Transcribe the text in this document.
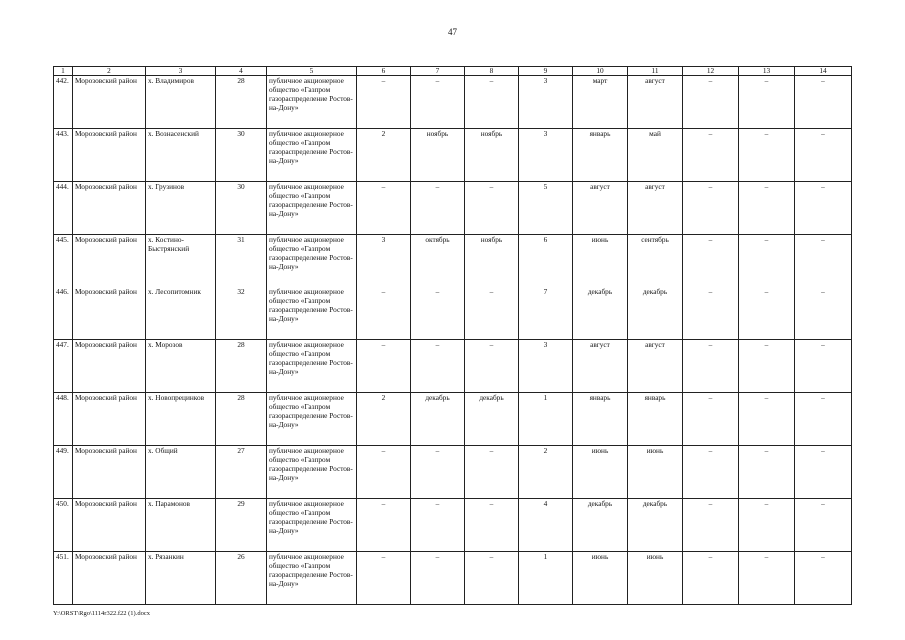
47
1	2	3	4	5	6	7	8	9	10	11	12	13	14
442.	Морозовский район	х. Владимиров	28	публичное акционерное общество «Газпром газораспределение Ростов-на-Дону»	–	–	–	3	март	август	–	–	–
443.	Морозовский район	х. Вознасенский	30	публичное акционерное общество «Газпром газораспределение Ростов-на-Дону»	2	ноябрь	ноябрь	3	январь	май	–	–	–
444.	Морозовский район	х. Грузинов	30	публичное акционерное общество «Газпром газораспределение Ростов-на-Дону»	–	–	–	5	август	август	–	–	–
445.	Морозовский район	х. Костино-Быстрянский	31	публичное акционерное общество «Газпром газораспределение Ростов-на-Дону»	3	октябрь	ноябрь	6	июнь	сентябрь	–	–	–
446.	Морозовский район	х. Лесопитомник	32	публичное акционерное общество «Газпром газораспределение Ростов-на-Дону»	–	–	–	7	декабрь	декабрь	–	–	–
447.	Морозовский район	х. Морозов	28	публичное акционерное общество «Газпром газораспределение Ростов-на-Дону»	–	–	–	3	август	август	–	–	–
448.	Морозовский район	х. Новопрецинков	28	публичное акционерное общество «Газпром газораспределение Ростов-на-Дону»	2	декабрь	декабрь	1	январь	январь	–	–	–
449.	Морозовский район	х. Общий	27	публичное акционерное общество «Газпром газораспределение Ростов-на-Дону»	–	–	–	2	июнь	июнь	–	–	–
450.	Морозовский район	х. Парамонов	29	публичное акционерное общество «Газпром газораспределение Ростов-на-Дону»	–	–	–	4	декабрь	декабрь	–	–	–
451.	Морозовский район	х. Рязанкин	26	публичное акционерное общество «Газпром газораспределение Ростов-на-Дону»	–	–	–	1	июнь	июнь	–	–	–
Y:\ORST\Rgo\1114r322.f22 (1).docx
